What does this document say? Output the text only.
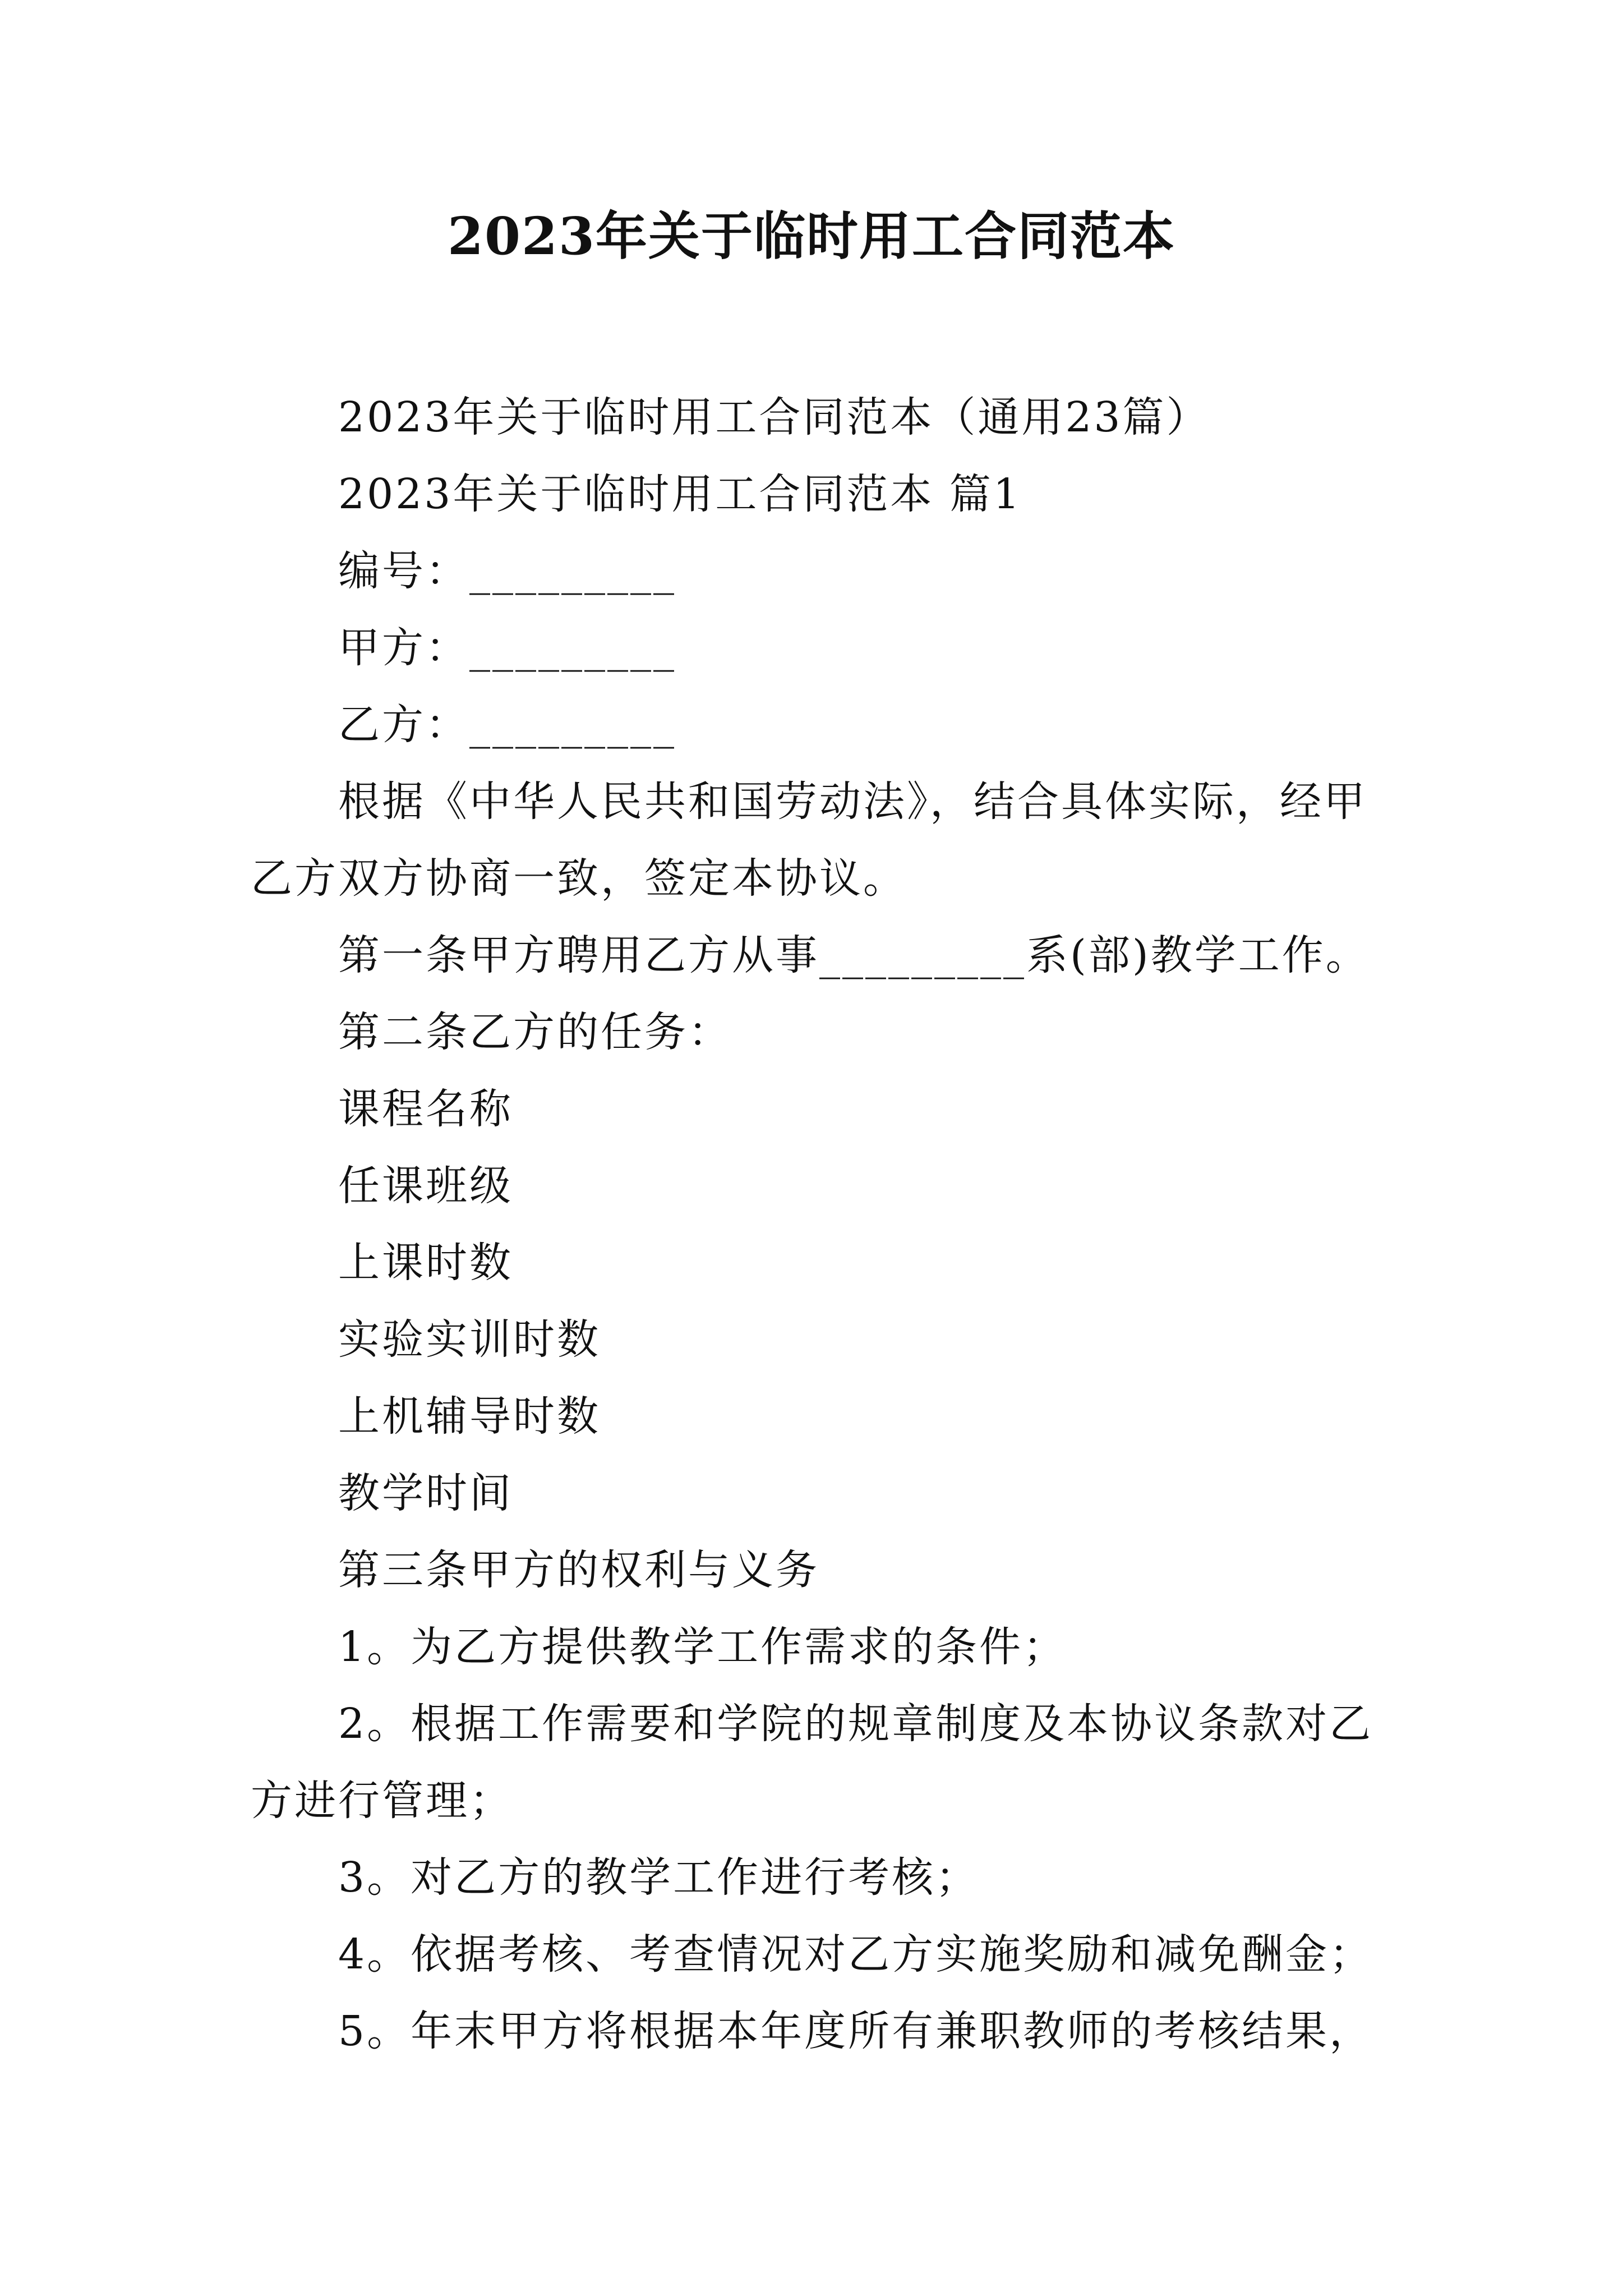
2023年关于临时用工合同范本

2023年关于临时用工合同范本（通用23篇）

2023年关于临时用工合同范本 篇1

编号：_________

甲方：_________

乙方：_________

根据《中华人民共和国劳动法》，结合具体实际，经甲乙方双方协商一致，签定本协议。

第一条甲方聘用乙方从事_________系(部)教学工作。

第二条乙方的任务：

课程名称

任课班级

上课时数

实验实训时数

上机辅导时数

教学时间

第三条甲方的权利与义务

1。为乙方提供教学工作需求的条件；

2。根据工作需要和学院的规章制度及本协议条款对乙方进行管理；

3。对乙方的教学工作进行考核；

4。依据考核、考查情况对乙方实施奖励和减免酬金；

5。年末甲方将根据本年度所有兼职教师的考核结果，
